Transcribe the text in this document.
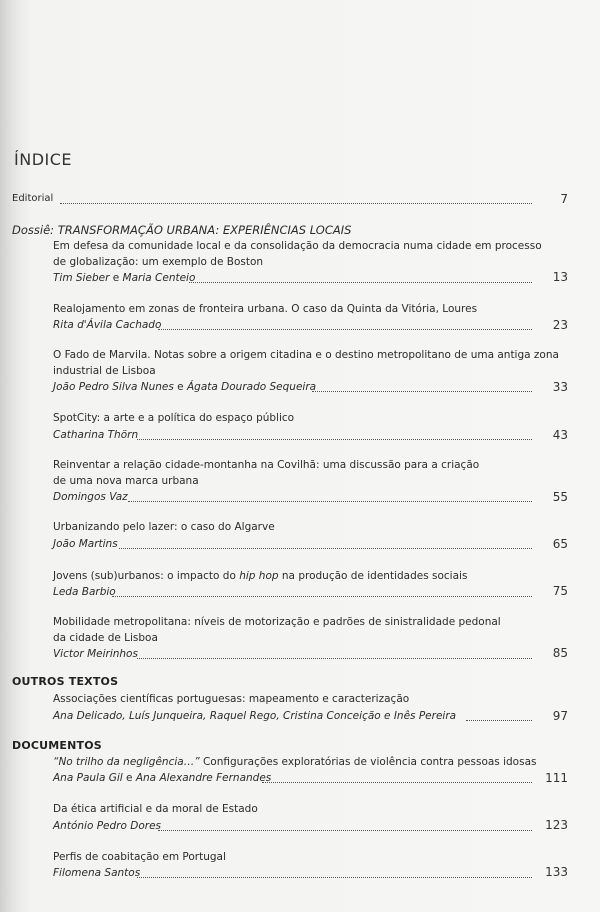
ÍNDICE
Editorial	7
Dossiê: TRANSFORMAÇÃO URBANA: EXPERIÊNCIAS LOCAIS
Em defesa da comunidade local e da consolidação da democracia numa cidade em processo
de globalização: um exemplo de Boston
Tim Sieber e Maria Centeio	13
Realojamento em zonas de fronteira urbana. O caso da Quinta da Vitória, Loures
Rita d'Ávila Cachado	23
O Fado de Marvila. Notas sobre a origem citadina e o destino metropolitano de uma antiga zona
industrial de Lisboa
João Pedro Silva Nunes e Ágata Dourado Sequeira	33
SpotCity: a arte e a política do espaço público
Catharina Thörn	43
Reinventar a relação cidade-montanha na Covilhã: uma discussão para a criação
de uma nova marca urbana
Domingos Vaz	55
Urbanizando pelo lazer: o caso do Algarve
João Martins	65
Jovens (sub)urbanos: o impacto do hip hop na produção de identidades sociais
Leda Barbio	75
Mobilidade metropolitana: níveis de motorização e padrões de sinistralidade pedonal
da cidade de Lisboa
Victor Meirinhos	85
OUTROS TEXTOS
Associações científicas portuguesas: mapeamento e caracterização
Ana Delicado, Luís Junqueira, Raquel Rego, Cristina Conceição e Inês Pereira	97
DOCUMENTOS
“No trilho da negligência…” Configurações exploratórias de violência contra pessoas idosas
Ana Paula Gil e Ana Alexandre Fernandes	111
Da ética artificial e da moral de Estado
António Pedro Dores	123
Perfis de coabitação em Portugal
Filomena Santos	133
